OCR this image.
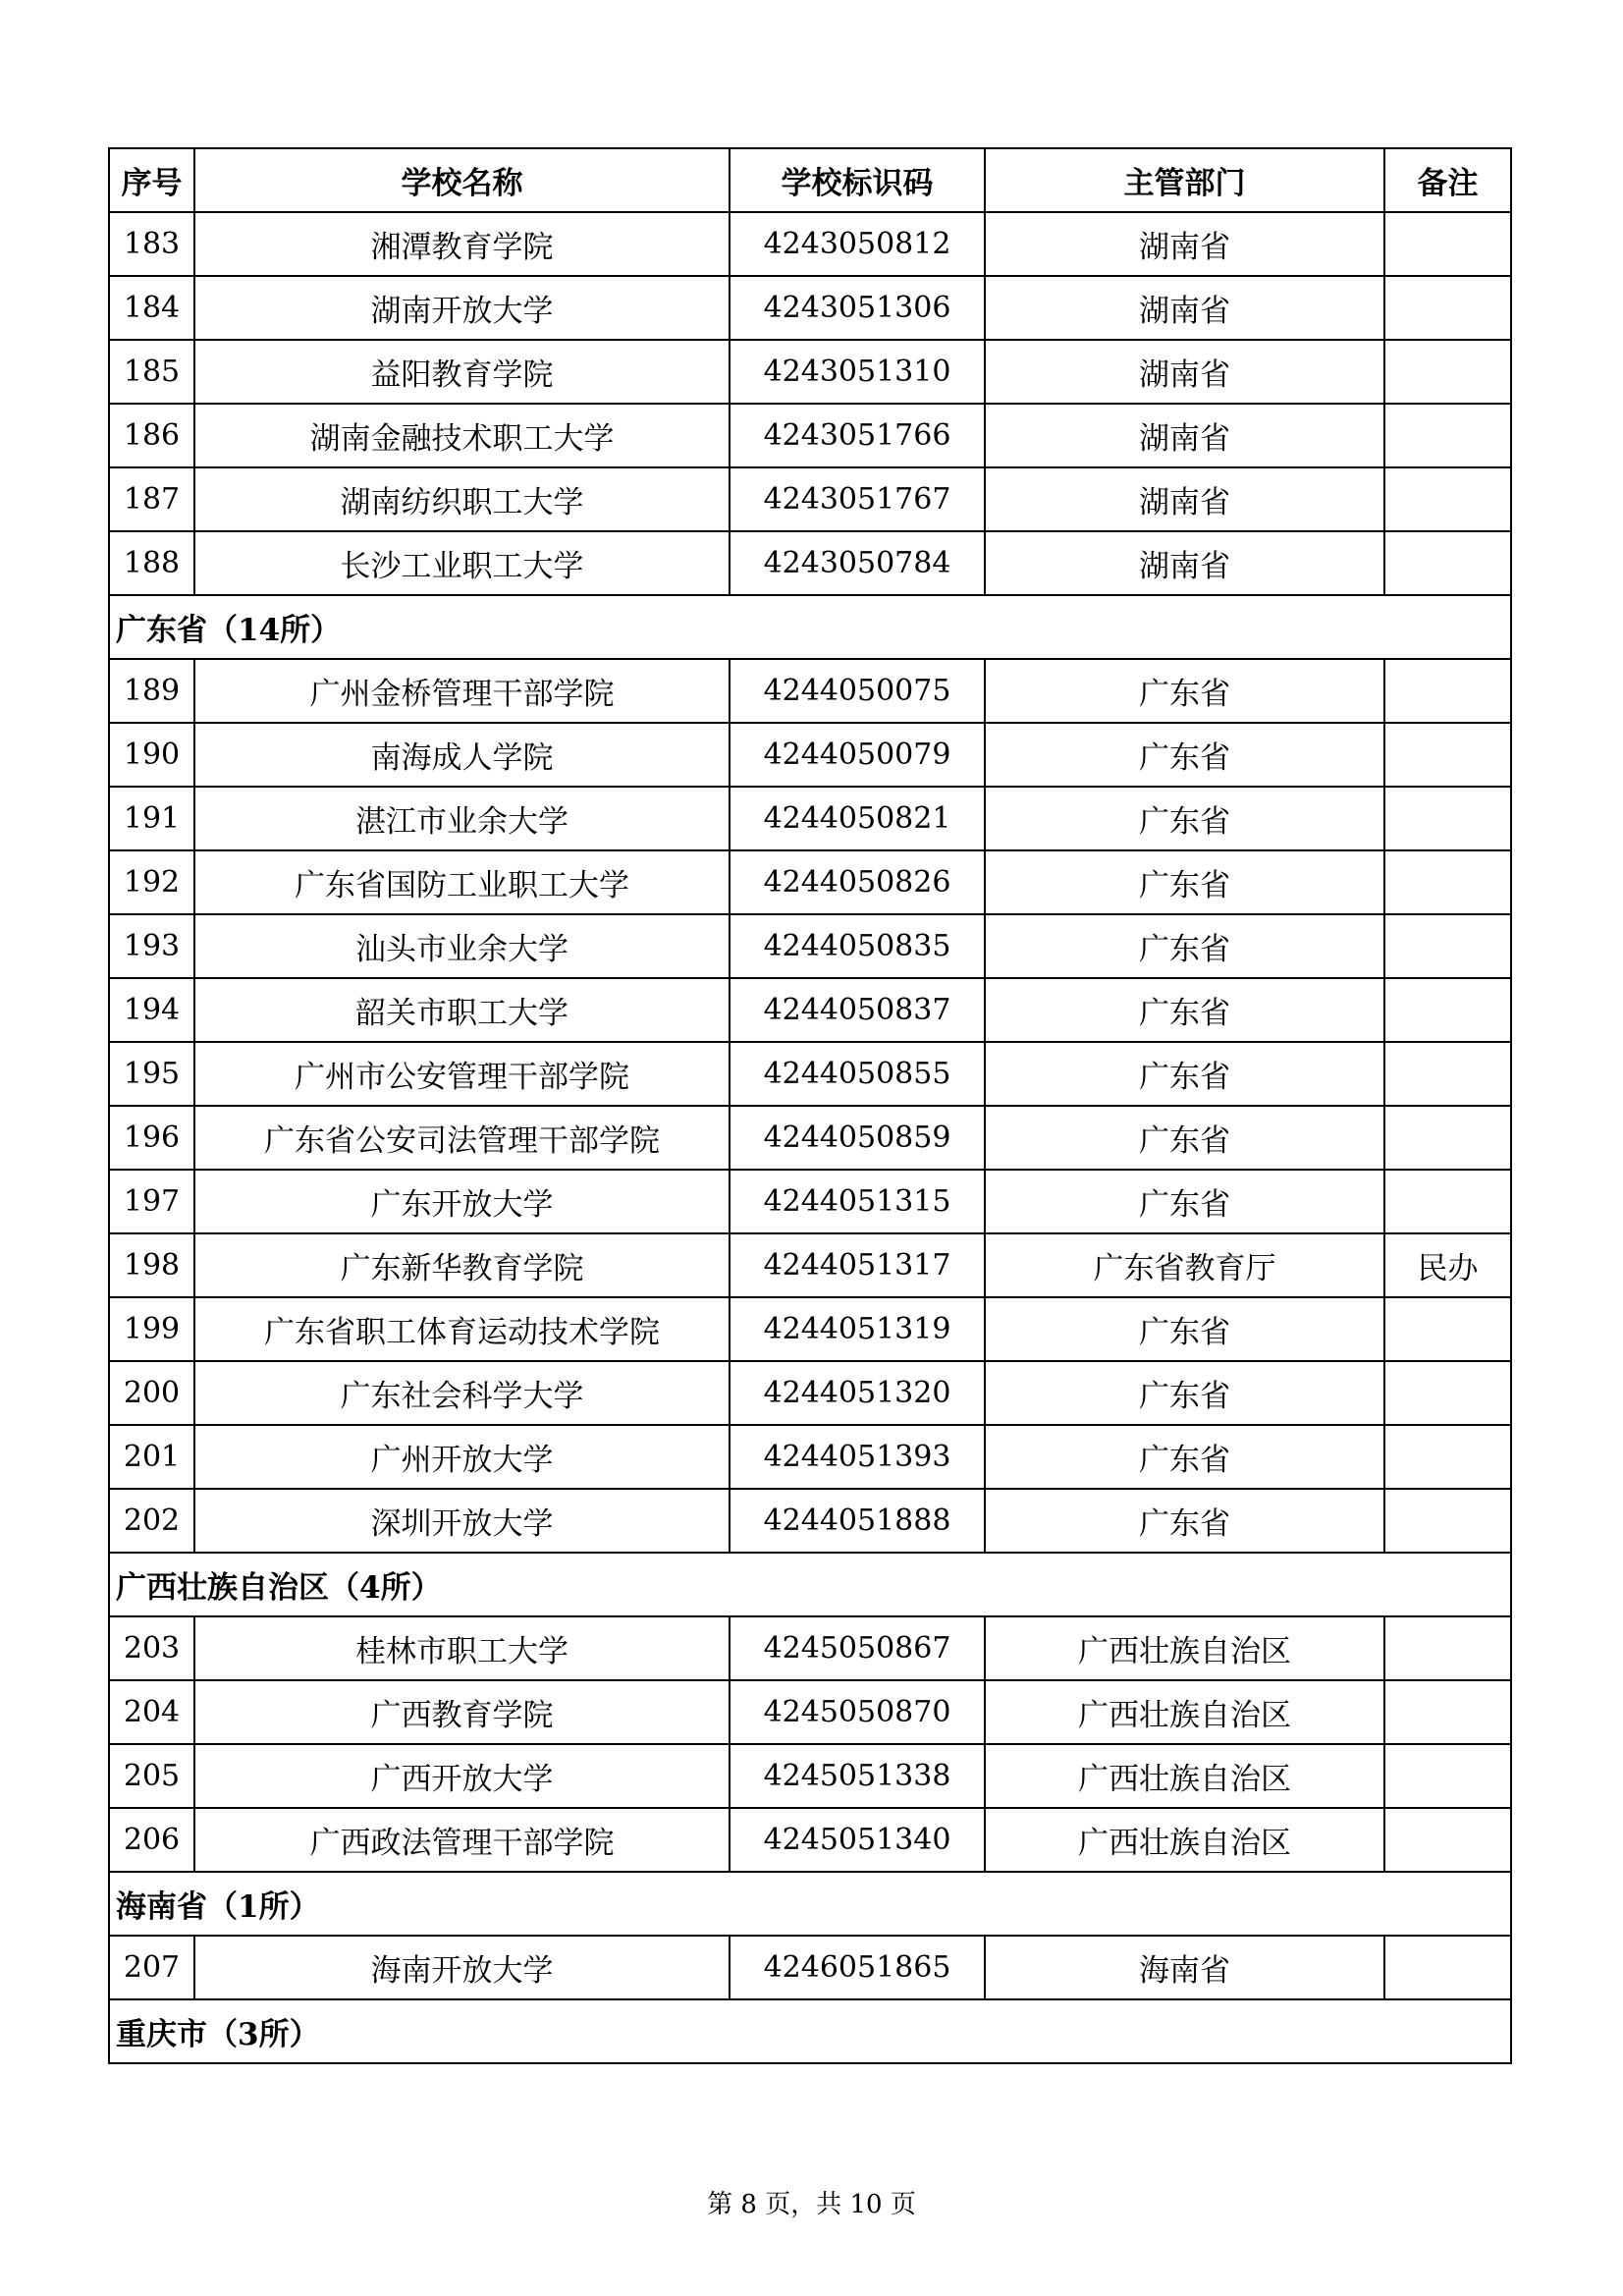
序号	学校名称	学校标识码	主管部门	备注
183	湘潭教育学院	4243050812	湖南省	
184	湖南开放大学	4243051306	湖南省	
185	益阳教育学院	4243051310	湖南省	
186	湖南金融技术职工大学	4243051766	湖南省	
187	湖南纺织职工大学	4243051767	湖南省	
188	长沙工业职工大学	4243050784	湖南省	
广东省（14所）				
189	广州金桥管理干部学院	4244050075	广东省	
190	南海成人学院	4244050079	广东省	
191	湛江市业余大学	4244050821	广东省	
192	广东省国防工业职工大学	4244050826	广东省	
193	汕头市业余大学	4244050835	广东省	
194	韶关市职工大学	4244050837	广东省	
195	广州市公安管理干部学院	4244050855	广东省	
196	广东省公安司法管理干部学院	4244050859	广东省	
197	广东开放大学	4244051315	广东省	
198	广东新华教育学院	4244051317	广东省教育厅	民办
199	广东省职工体育运动技术学院	4244051319	广东省	
200	广东社会科学大学	4244051320	广东省	
201	广州开放大学	4244051393	广东省	
202	深圳开放大学	4244051888	广东省	
广西壮族自治区（4所）				
203	桂林市职工大学	4245050867	广西壮族自治区	
204	广西教育学院	4245050870	广西壮族自治区	
205	广西开放大学	4245051338	广西壮族自治区	
206	广西政法管理干部学院	4245051340	广西壮族自治区	
海南省（1所）				
207	海南开放大学	4246051865	海南省	
重庆市（3所）				
第 8 页，共 10 页
